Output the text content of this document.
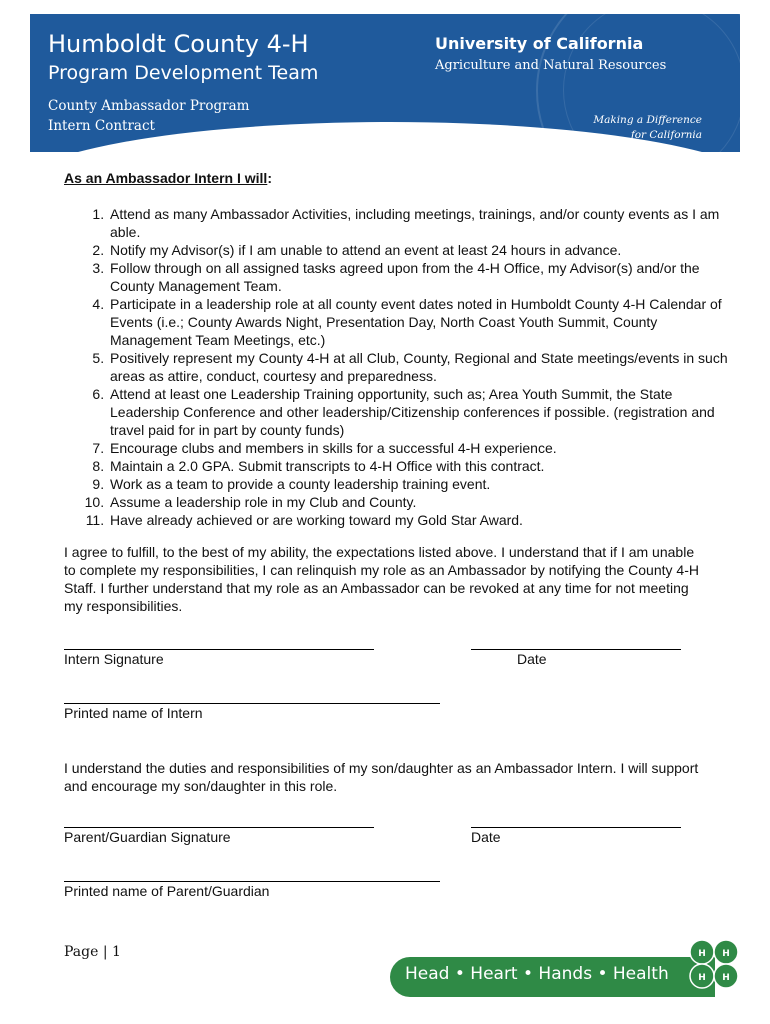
Humboldt County 4-H
Program Development Team
County Ambassador Program
Intern Contract
University of California
Agriculture and Natural Resources
Making a Difference
for California
As an Ambassador Intern I will:
1. Attend as many Ambassador Activities, including meetings, trainings, and/or county events as I am able.
2. Notify my Advisor(s) if I am unable to attend an event at least 24 hours in advance.
3. Follow through on all assigned tasks agreed upon from the 4-H Office, my Advisor(s) and/or the County Management Team.
4. Participate in a leadership role at all county event dates noted in Humboldt County 4-H Calendar of Events (i.e.; County Awards Night, Presentation Day, North Coast Youth Summit, County Management Team Meetings, etc.)
5. Positively represent my County 4-H at all Club, County, Regional and State meetings/events in such areas as attire, conduct, courtesy and preparedness.
6. Attend at least one Leadership Training opportunity, such as; Area Youth Summit, the State Leadership Conference and other leadership/Citizenship conferences if possible. (registration and travel paid for in part by county funds)
7. Encourage clubs and members in skills for a successful 4-H experience.
8. Maintain a 2.0 GPA. Submit transcripts to 4-H Office with this contract.
9. Work as a team to provide a county leadership training event.
10. Assume a leadership role in my Club and County.
11. Have already achieved or are working toward my Gold Star Award.

I agree to fulfill, to the best of my ability, the expectations listed above. I understand that if I am unable to complete my responsibilities, I can relinquish my role as an Ambassador by notifying the County 4-H Staff. I further understand that my role as an Ambassador can be revoked at any time for not meeting my responsibilities.

Intern Signature	Date
Printed name of Intern

I understand the duties and responsibilities of my son/daughter as an Ambassador Intern. I will support and encourage my son/daughter in this role.

Parent/Guardian Signature	Date
Printed name of Parent/Guardian
Page | 1
Head • Heart • Hands • Health
H H
H H
